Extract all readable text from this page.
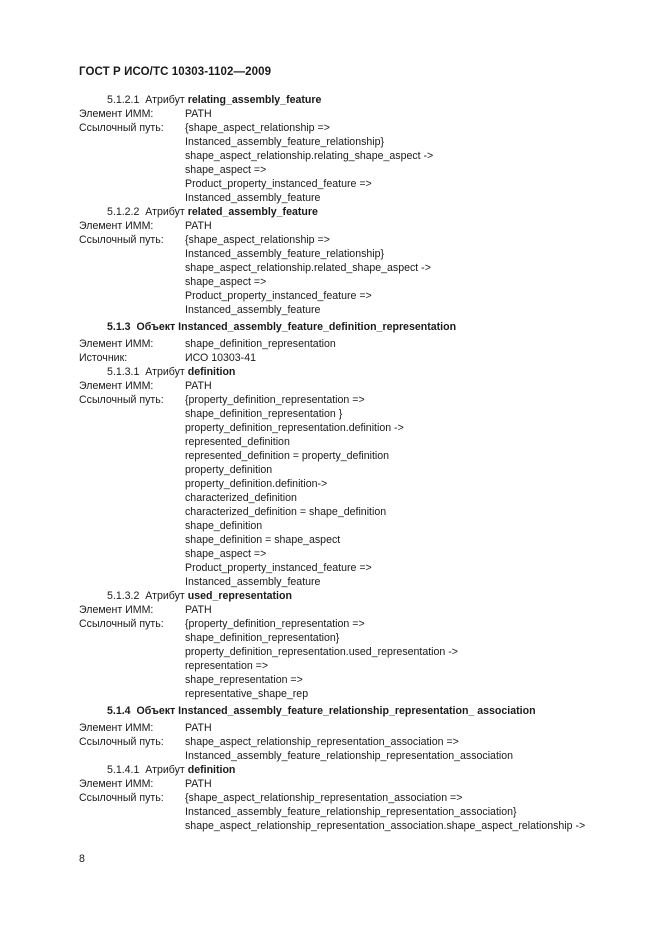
ГОСТ Р ИСО/ТС 10303-1102—2009
5.1.2.1 Атрибут relating_assembly_feature
Элемент ИММ:	PATH
Ссылочный путь: {shape_aspect_relationship =>
Instanced_assembly_feature_relationship}
shape_aspect_relationship.relating_shape_aspect ->
shape_aspect =>
Product_property_instanced_feature =>
Instanced_assembly_feature
5.1.2.2 Атрибут related_assembly_feature
Элемент ИММ:	PATH
Ссылочный путь: {shape_aspect_relationship =>
Instanced_assembly_feature_relationship}
shape_aspect_relationship.related_shape_aspect ->
shape_aspect =>
Product_property_instanced_feature =>
Instanced_assembly_feature
5.1.3 Объект Instanced_assembly_feature_definition_representation
Элемент ИММ:	shape_definition_representation
Источник:	ИСО 10303-41
5.1.3.1 Атрибут definition
Элемент ИММ:	PATH
Ссылочный путь: {property_definition_representation =>
shape_definition_representation }
property_definition_representation.definition ->
represented_definition
represented_definition = property_definition
property_definition
property_definition.definition->
characterized_definition
characterized_definition = shape_definition
shape_definition
shape_definition = shape_aspect
shape_aspect =>
Product_property_instanced_feature =>
Instanced_assembly_feature
5.1.3.2 Атрибут used_representation
Элемент ИММ:	PATH
Ссылочный путь: {property_definition_representation =>
shape_definition_representation}
property_definition_representation.used_representation ->
representation =>
shape_representation =>
representative_shape_rep
5.1.4 Объект Instanced_assembly_feature_relationship_representation_ association
Элемент ИММ:	PATH
Ссылочный путь: shape_aspect_relationship_representation_association =>
Instanced_assembly_feature_relationship_representation_association
5.1.4.1 Атрибут definition
Элемент ИММ:	PATH
Ссылочный путь: {shape_aspect_relationship_representation_association =>
Instanced_assembly_feature_relationship_representation_association}
shape_aspect_relationship_representation_association.shape_aspect_relationship ->
8
